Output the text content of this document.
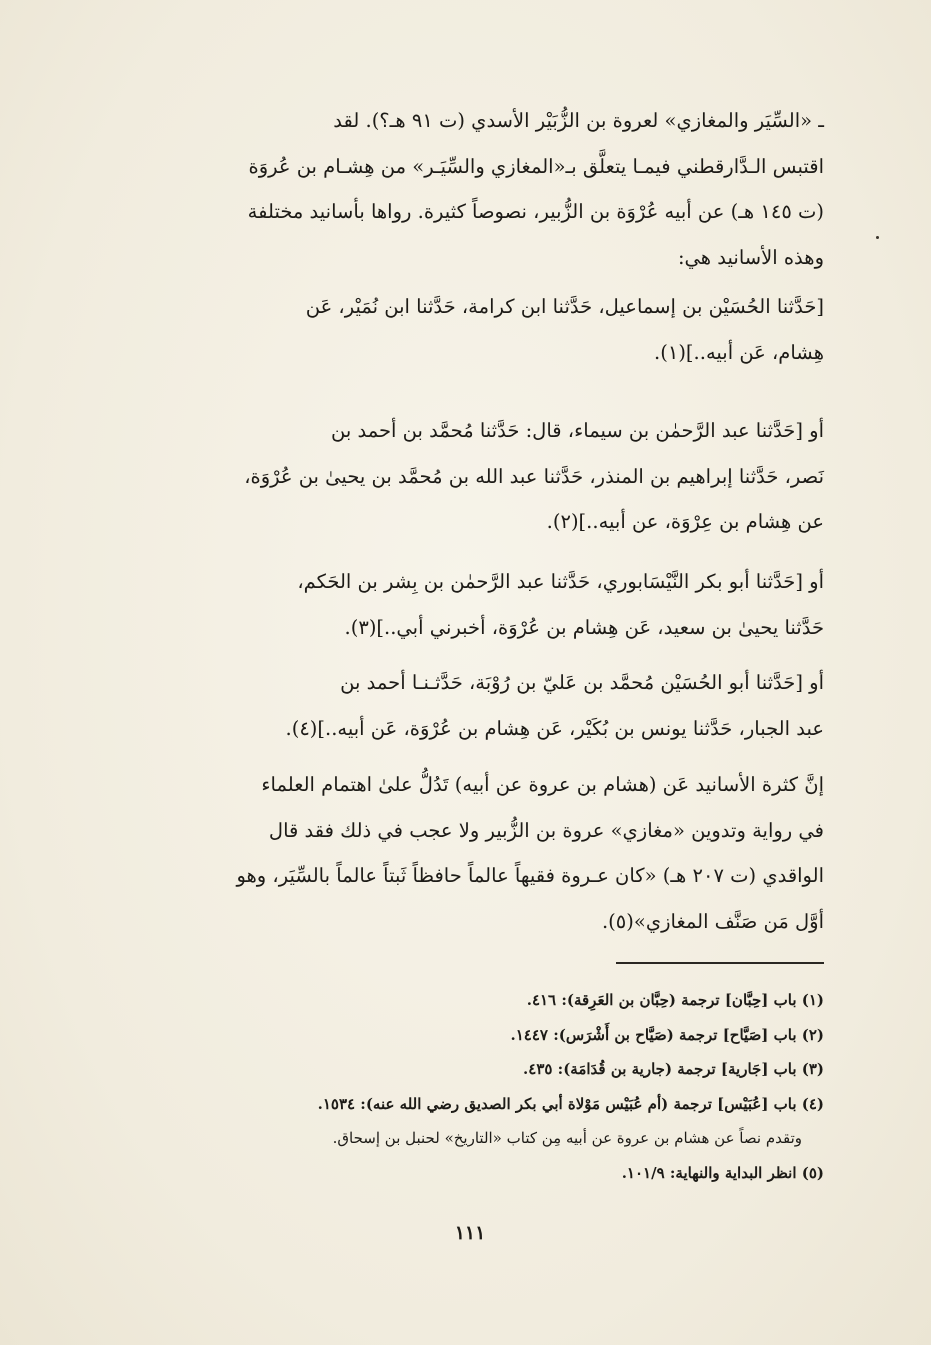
ـ «السِّيَر والمغازي» لعروة بن الزُّبَيْر الأسدي (ت ٩١ هـ؟). لقد
اقتبس الـدَّارقطني فيمـا يتعلَّق بـ«المغازي والسِّيَـر» من هِشـام بن عُروَة
(ت ١٤٥ هـ) عن أبيه عُرْوَة بن الزُّبير، نصوصاً كثيرة. رواها بأسانيد مختلفة
وهذه الأسانيد هي:

[حَدَّثنا الحُسَيْن بن إسماعيل، حَدَّثنا ابن كرامة، حَدَّثنا ابن نُمَيْر، عَن
هِشام، عَن أبيه..](١).

أو [حَدَّثنا عبد الرَّحمٰن بن سيماء، قال: حَدَّثنا مُحمَّد بن أحمد بن
نَصر، حَدَّثنا إبراهيم بن المنذر، حَدَّثنا عبد الله بن مُحمَّد بن يحيىٰ بن عُرْوَة،
عن هِشام بن عِرْوَة، عن أبيه..](٢).

أو [حَدَّثنا أبو بكر النَّيْسَابوري، حَدَّثنا عبد الرَّحمٰن بن بِشر بن الحَكم،
حَدَّثنا يحيىٰ بن سعيد، عَن هِشام بن عُرْوَة، أخبرني أبي..](٣).

أو [حَدَّثنا أبو الحُسَيْن مُحمَّد بن عَليّ بن رُوْبَة، حَدَّثـنـا أحمد بن
عبد الجبار، حَدَّثنا يونس بن بُكَيْر، عَن هِشام بن عُرْوَة، عَن أبيه..](٤).

إنَّ كثرة الأسانيد عَن (هشام بن عروة عن أبيه) تَدُلُّ علىٰ اهتمام العلماء
في رواية وتدوين «مغازي» عروة بن الزُّبير ولا عجب في ذلك فقد قال
الواقدي (ت ٢٠٧ هـ) «كان عـروة فقيهاً عالماً حافظاً ثَبتاً عالماً بالسِّيَر، وهو
أوَّل مَن صَنَّف المغازي»(٥).

(١) باب [حِبَّان] ترجمة (حِبَّان بن العَرِقة): ٤١٦.
(٢) باب [صَيَّاح] ترجمة (صَيَّاح بن أَشْرَس): ١٤٤٧.
(٣) باب [جَارية] ترجمة (جارية بن قُدَامَة): ٤٣٥.
(٤) باب [عُبَيْس] ترجمة (أم عُبَيْس مَوْلاة أبي بكر الصديق رضي الله عنه): ١٥٣٤.
وتقدم نصاً عن هشام بن عروة عن أبيه مِن كتاب «التاريخ» لحنبل بن إسحاق.
(٥) انظر البداية والنهاية: ١٠١/٩.
١١١
